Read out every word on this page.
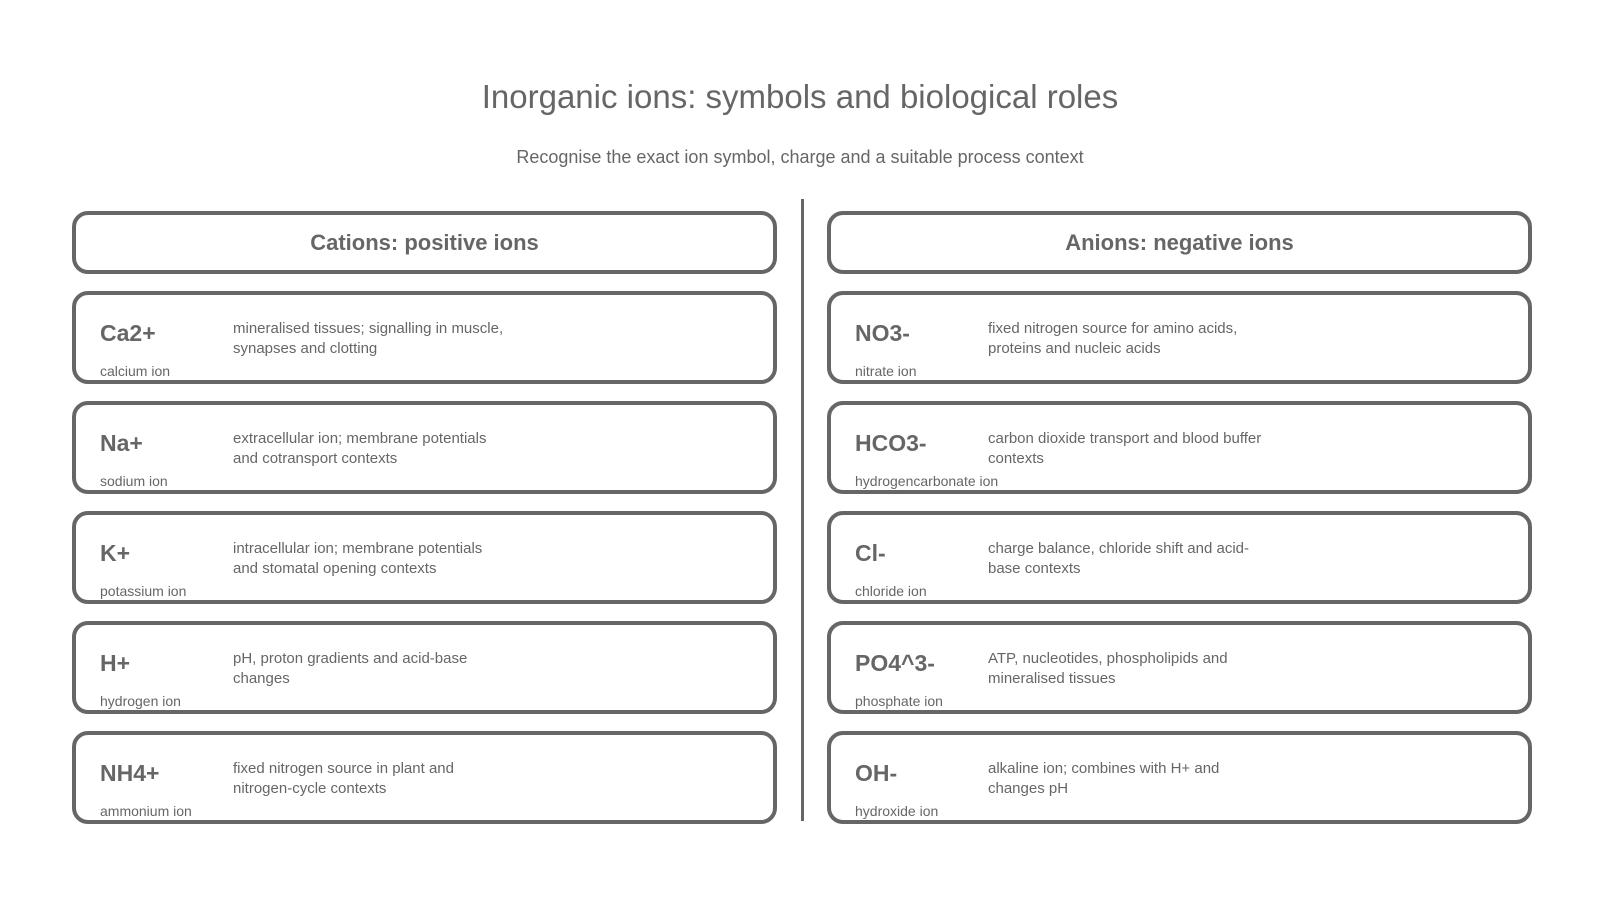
Inorganic ions: symbols and biological roles
Recognise the exact ion symbol, charge and a suitable process context
Cations: positive ions
Ca2+
calcium ion
mineralised tissues; signalling in muscle, synapses and clotting
Na+
sodium ion
extracellular ion; membrane potentials and cotransport contexts
K+
potassium ion
intracellular ion; membrane potentials and stomatal opening contexts
H+
hydrogen ion
pH, proton gradients and acid-base changes
NH4+
ammonium ion
fixed nitrogen source in plant and nitrogen-cycle contexts
Anions: negative ions
NO3-
nitrate ion
fixed nitrogen source for amino acids, proteins and nucleic acids
HCO3-
hydrogencarbonate ion
carbon dioxide transport and blood buffer contexts
Cl-
chloride ion
charge balance, chloride shift and acid-base contexts
PO4^3-
phosphate ion
ATP, nucleotides, phospholipids and mineralised tissues
OH-
hydroxide ion
alkaline ion; combines with H+ and changes pH
